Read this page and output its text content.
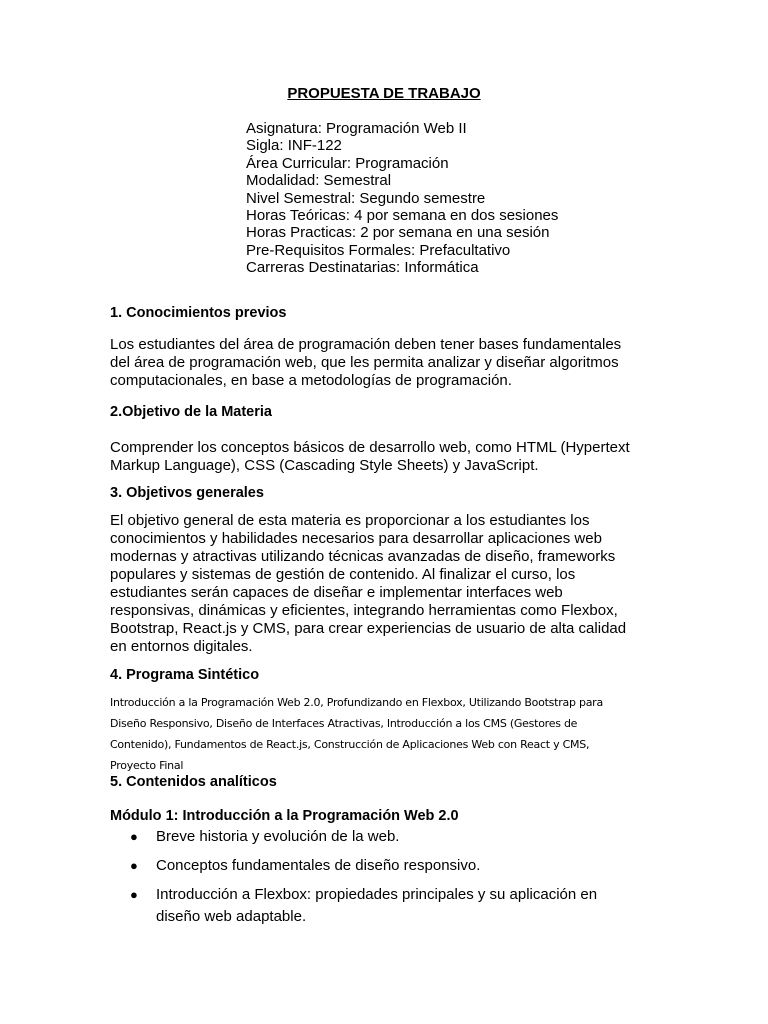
PROPUESTA DE TRABAJO
Asignatura: Programación Web II
Sigla: INF-122
Área Curricular: Programación
Modalidad: Semestral
Nivel Semestral: Segundo semestre
Horas Teóricas: 4 por semana en dos sesiones
Horas Practicas: 2 por semana en una sesión
Pre-Requisitos Formales: Prefacultativo
Carreras Destinatarias: Informática
1. Conocimientos previos
Los estudiantes del área de programación deben tener bases fundamentales
del área de programación web, que les permita analizar y diseñar algoritmos
computacionales, en base a metodologías de programación.
2.Objetivo de la Materia
Comprender los conceptos básicos de desarrollo web, como HTML (Hypertext
Markup Language), CSS (Cascading Style Sheets) y JavaScript.
3. Objetivos generales
El objetivo general de esta materia es proporcionar a los estudiantes los
conocimientos y habilidades necesarios para desarrollar aplicaciones web
modernas y atractivas utilizando técnicas avanzadas de diseño, frameworks
populares y sistemas de gestión de contenido. Al finalizar el curso, los
estudiantes serán capaces de diseñar e implementar interfaces web
responsivas, dinámicas y eficientes, integrando herramientas como Flexbox,
Bootstrap, React.js y CMS, para crear experiencias de usuario de alta calidad
en entornos digitales.
4. Programa Sintético
Introducción a la Programación Web 2.0, Profundizando en Flexbox, Utilizando Bootstrap para
Diseño Responsivo, Diseño de Interfaces Atractivas, Introducción a los CMS (Gestores de
Contenido), Fundamentos de React.js, Construcción de Aplicaciones Web con React y CMS,
Proyecto Final
5. Contenidos analíticos
Módulo 1: Introducción a la Programación Web 2.0
● Breve historia y evolución de la web.
● Conceptos fundamentales de diseño responsivo.
● Introducción a Flexbox: propiedades principales y su aplicación en
diseño web adaptable.
